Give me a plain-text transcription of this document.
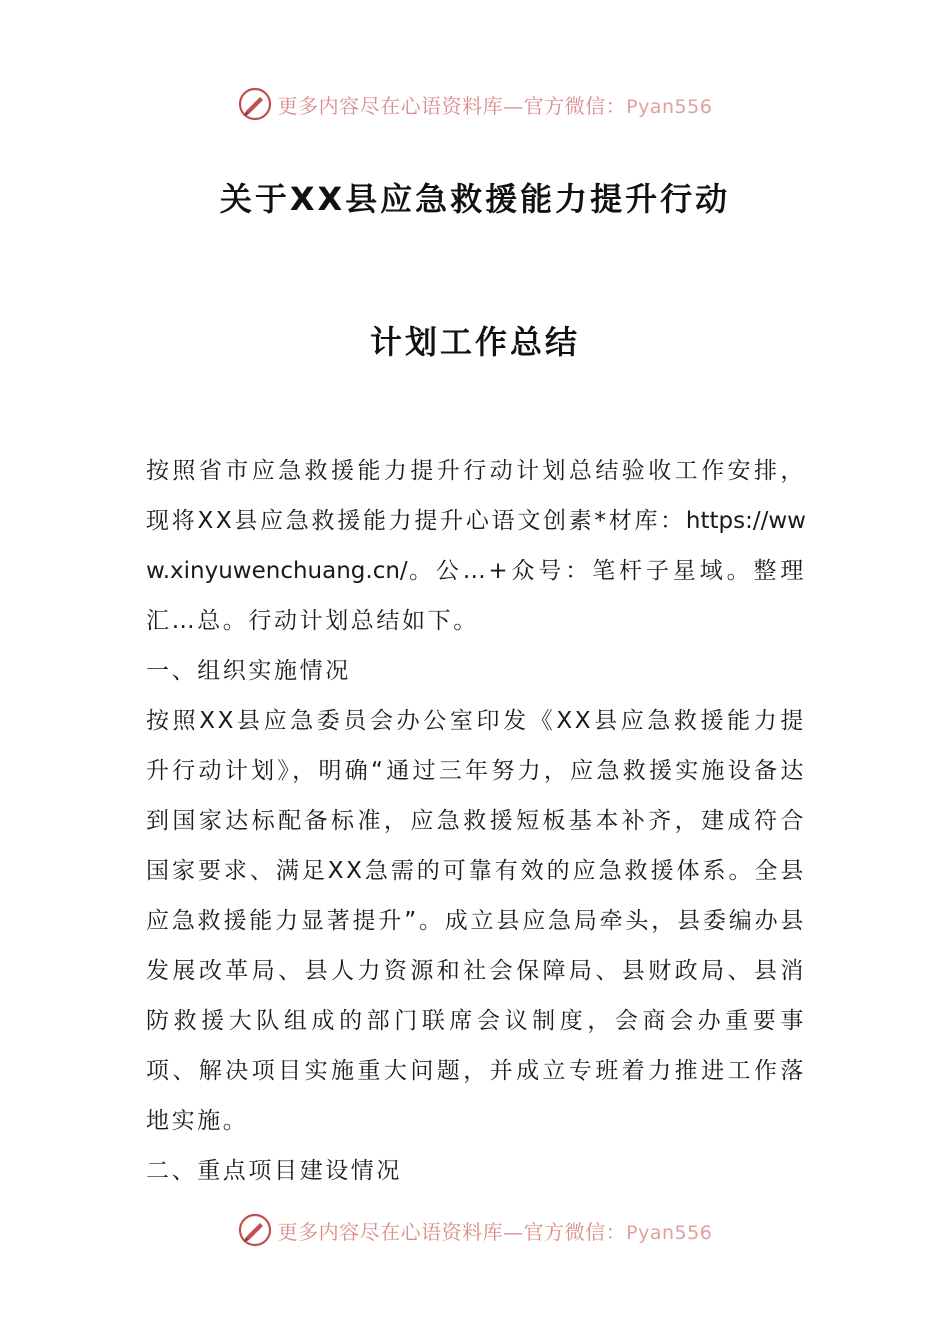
更多内容尽在心语资料库—官方微信：Pyan556
关于XX县应急救援能力提升行动
计划工作总结

按照省市应急救援能力提升行动计划总结验收工作安排，现将XX县应急救援能力提升心语文创素*材库：https://www.xinyuwenchuang.cn/。公…+众号：笔杆子星域。整理汇…总。行动计划总结如下。

一、组织实施情况

按照XX县应急委员会办公室印发《XX县应急救援能力提升行动计划》，明确“通过三年努力，应急救援实施设备达到国家达标配备标准，应急救援短板基本补齐，建成符合国家要求、满足XX急需的可靠有效的应急救援体系。全县应急救援能力显著提升”。成立县应急局牵头，县委编办县发展改革局、县人力资源和社会保障局、县财政局、县消防救援大队组成的部门联席会议制度，会商会办重要事项、解决项目实施重大问题，并成立专班着力推进工作落地实施。

二、重点项目建设情况

更多内容尽在心语资料库—官方微信：Pyan556
